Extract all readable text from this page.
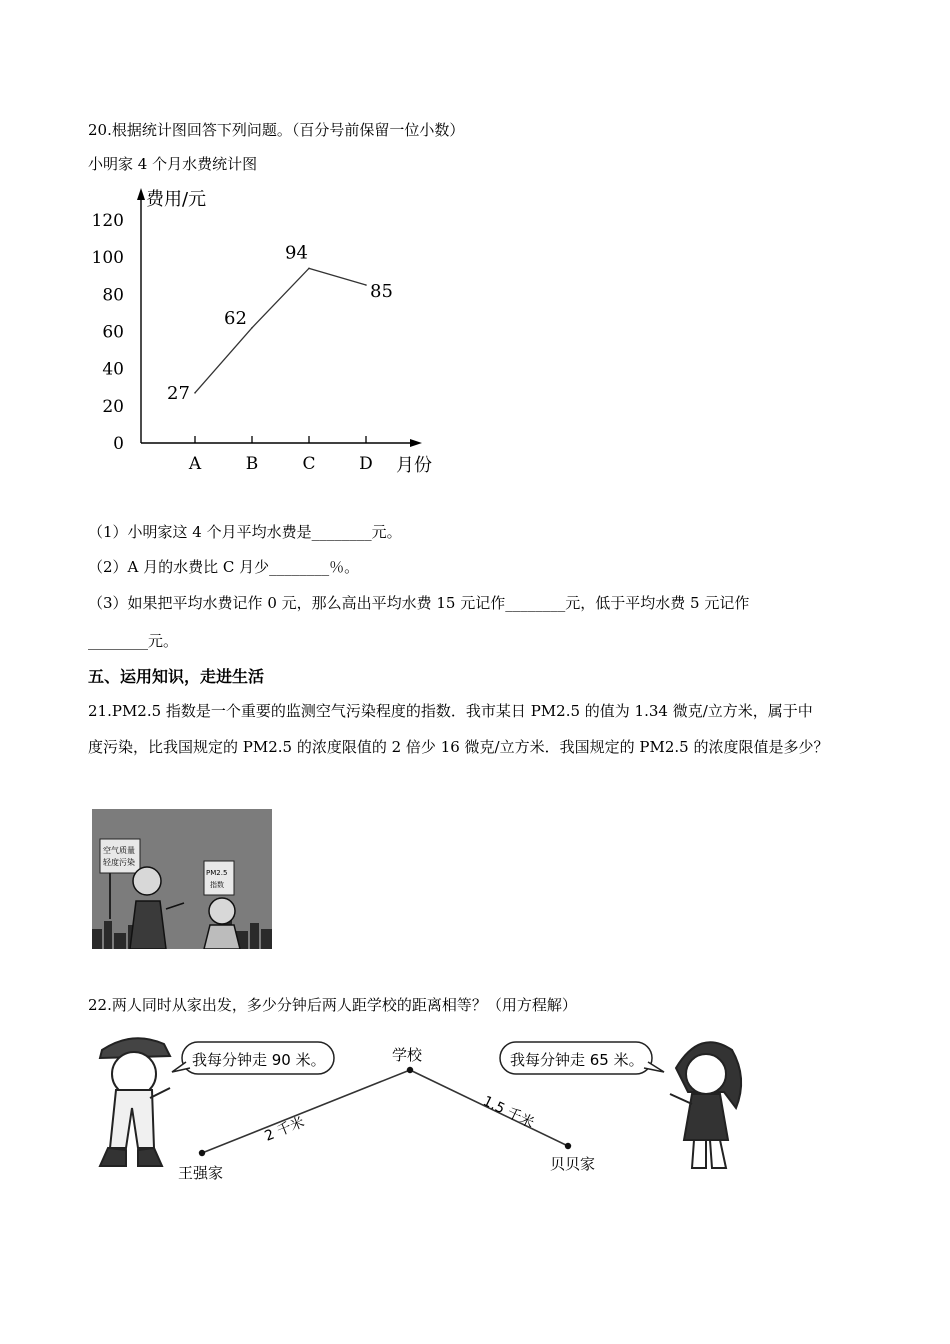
20.根据统计图回答下列问题。（百分号前保留一位小数）
小明家 4 个月水费统计图
费用/元
月份
0
20
40
60
80
100
120
A	B	C	D
27
62
94
85
（1）小明家这 4 个月平均水费是________元。
（2）A 月的水费比 C 月少________％。
（3）如果把平均水费记作 0 元，那么高出平均水费 15 元记作________元，低于平均水费 5 元记作
________元。
五、运用知识，走进生活
21.PM2.5 指数是一个重要的监测空气污染程度的指数．我市某日 PM2.5 的值为 1.34 微克/立方米，属于中
度污染，比我国规定的 PM2.5 的浓度限值的 2 倍少 16 微克/立方米．我国规定的 PM2.5 的浓度限值是多少？
空气质量
轻度污染
PM2.5
指数
22.两人同时从家出发，多少分钟后两人距学校的距离相等？（用方程解）
我每分钟走 90 米。	学校
2 千米	1.5 千米
王强家	贝贝家
我每分钟走 65 米。
